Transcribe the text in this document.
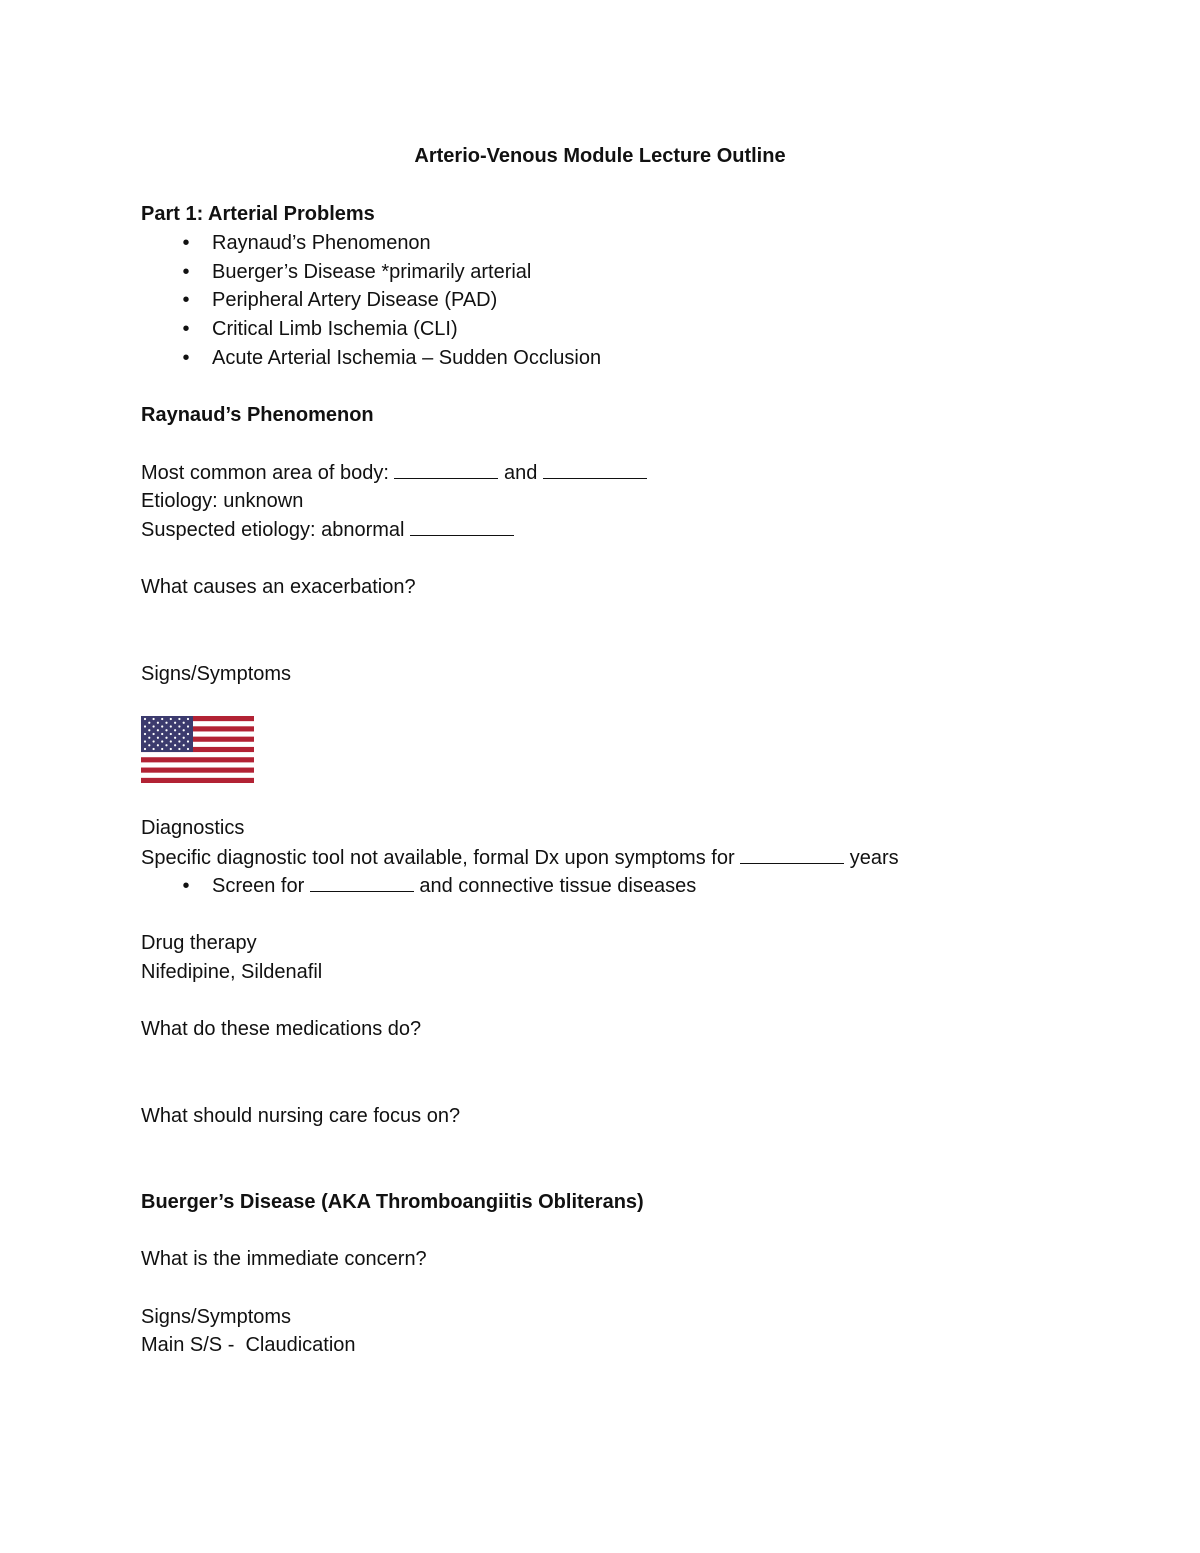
Arterio-Venous Module Lecture Outline
Part 1: Arterial Problems
•	Raynaud’s Phenomenon
•	Buerger’s Disease *primarily arterial
•	Peripheral Artery Disease (PAD)
•	Critical Limb Ischemia (CLI)
•	Acute Arterial Ischemia – Sudden Occlusion
Raynaud’s Phenomenon
Most common area of body:	and
Etiology: unknown
Suspected etiology: abnormal
What causes an exacerbation?
Signs/Symptoms
Diagnostics
Specific diagnostic tool not available, formal Dx upon symptoms for	years
•	Screen for	and connective tissue diseases
Drug therapy
Nifedipine, Sildenafil
What do these medications do?
What should nursing care focus on?
Buerger’s Disease (AKA Thromboangiitis Obliterans)
What is the immediate concern?
Signs/Symptoms
Main S/S -  Claudication
